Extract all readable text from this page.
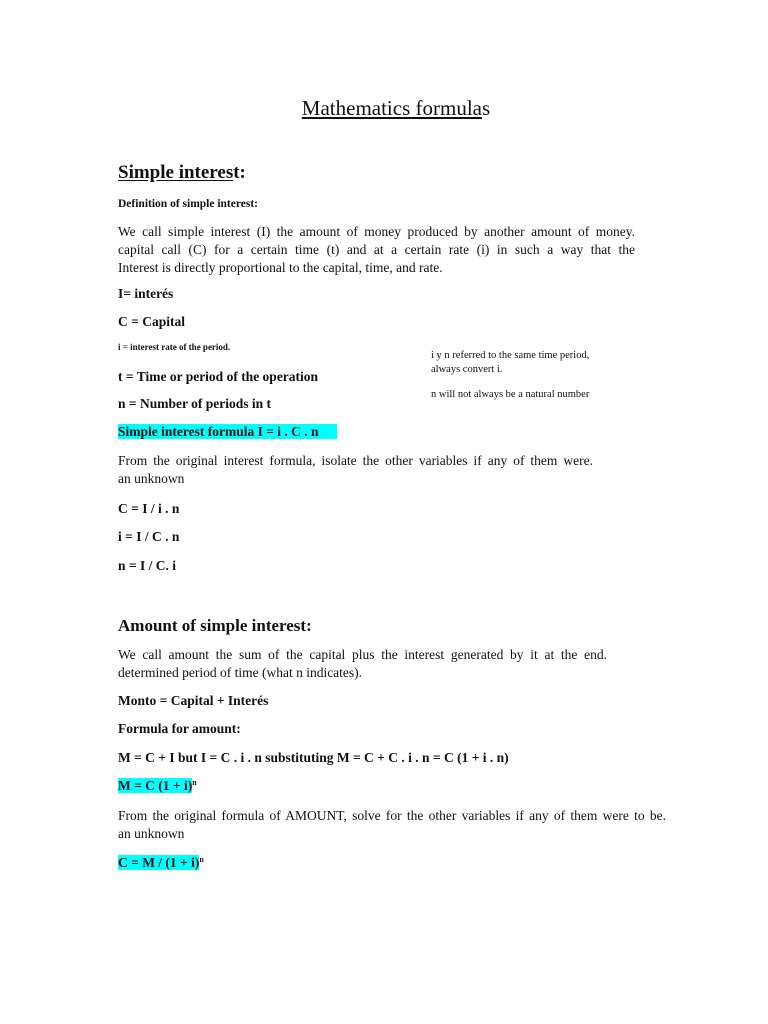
Mathematics formulas
Simple interest:
Definition of simple interest:
We call simple interest (I) the amount of money produced by another amount of money.
capital call (C) for a certain time (t) and at a certain rate (i) in such a way that the
Interest is directly proportional to the capital, time, and rate.
I= interés
C = Capital
i = interest rate of the period.
i y n referred to the same time period,
always convert i.
n will not always be a natural number
t = Time or period of the operation
n = Number of periods in t
Simple interest formula I = i . C . n
From the original interest formula, isolate the other variables if any of them were.
an unknown
C = I / i . n
i = I / C . n
n = I / C. i
Amount of simple interest:
We call amount the sum of the capital plus the interest generated by it at the end.
determined period of time (what n indicates).
Monto = Capital + Interés
Formula for amount:
M = C + I but I = C . i . n substituting M = C + C . i . n = C (1 + i . n)
M = C $(1 + i)^n$
From the original formula of AMOUNT, solve for the other variables if any of them were to be.
an unknown
$C = M / (1 + i)^n$
